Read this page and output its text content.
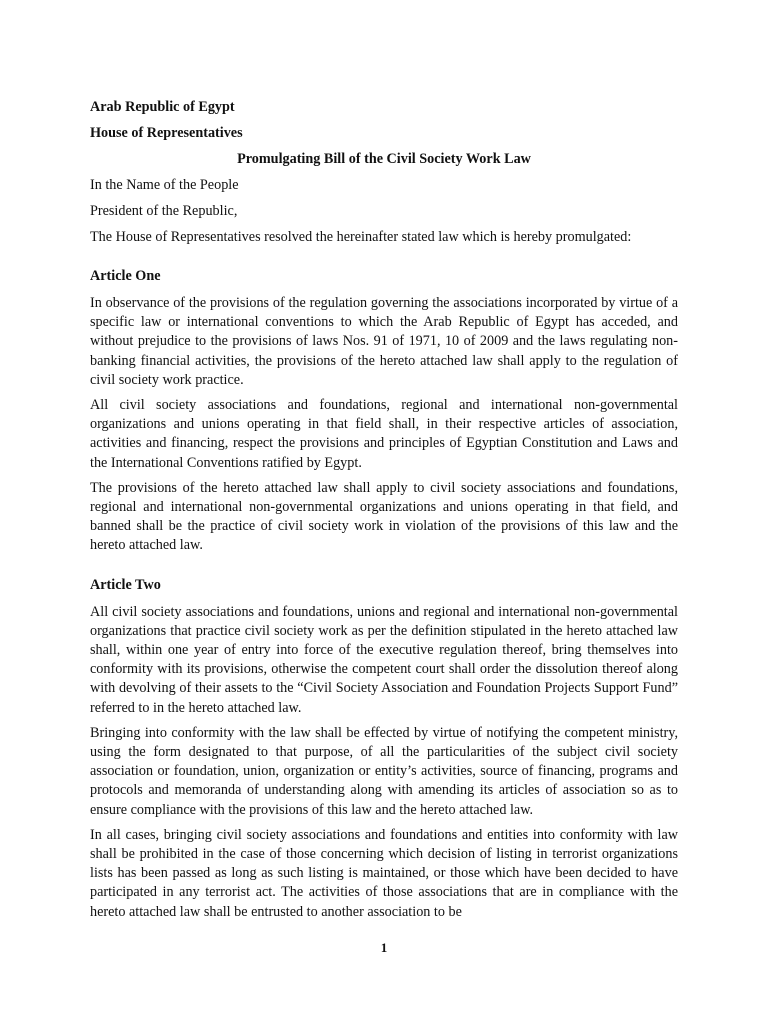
Arab Republic of Egypt
House of Representatives
Promulgating Bill of the Civil Society Work Law
In the Name of the People
President of the Republic,
The House of Representatives resolved the hereinafter stated law which is hereby promulgated:
Article One

In observance of the provisions of the regulation governing the associations incorporated by virtue of a specific law or international conventions to which the Arab Republic of Egypt has acceded, and without prejudice to the provisions of laws Nos. 91 of 1971, 10 of 2009 and the laws regulating non-banking financial activities, the provisions of the hereto attached law shall apply to the regulation of civil society work practice.

All civil society associations and foundations, regional and international non-governmental organizations and unions operating in that field shall, in their respective articles of association, activities and financing, respect the provisions and principles of Egyptian Constitution and Laws and the International Conventions ratified by Egypt.

The provisions of the hereto attached law shall apply to civil society associations and foundations, regional and international non-governmental organizations and unions operating in that field, and banned shall be the practice of civil society work in violation of the provisions of this law and the hereto attached law.

Article Two

All civil society associations and foundations, unions and regional and international non-governmental organizations that practice civil society work as per the definition stipulated in the hereto attached law shall, within one year of entry into force of the executive regulation thereof, bring themselves into conformity with its provisions, otherwise the competent court shall order the dissolution thereof along with devolving of their assets to the “Civil Society Association and Foundation Projects Support Fund” referred to in the hereto attached law.

Bringing into conformity with the law shall be effected by virtue of notifying the competent ministry, using the form designated to that purpose, of all the particularities of the subject civil society association or foundation, union, organization or entity’s activities, source of financing, programs and protocols and memoranda of understanding along with amending its articles of association so as to ensure compliance with the provisions of this law and the hereto attached law.

In all cases, bringing civil society associations and foundations and entities into conformity with law shall be prohibited in the case of those concerning which decision of listing in terrorist organizations lists has been passed as long as such listing is maintained, or those which have been decided to have participated in any terrorist act. The activities of those associations that are in compliance with the hereto attached law shall be entrusted to another association to be

1
